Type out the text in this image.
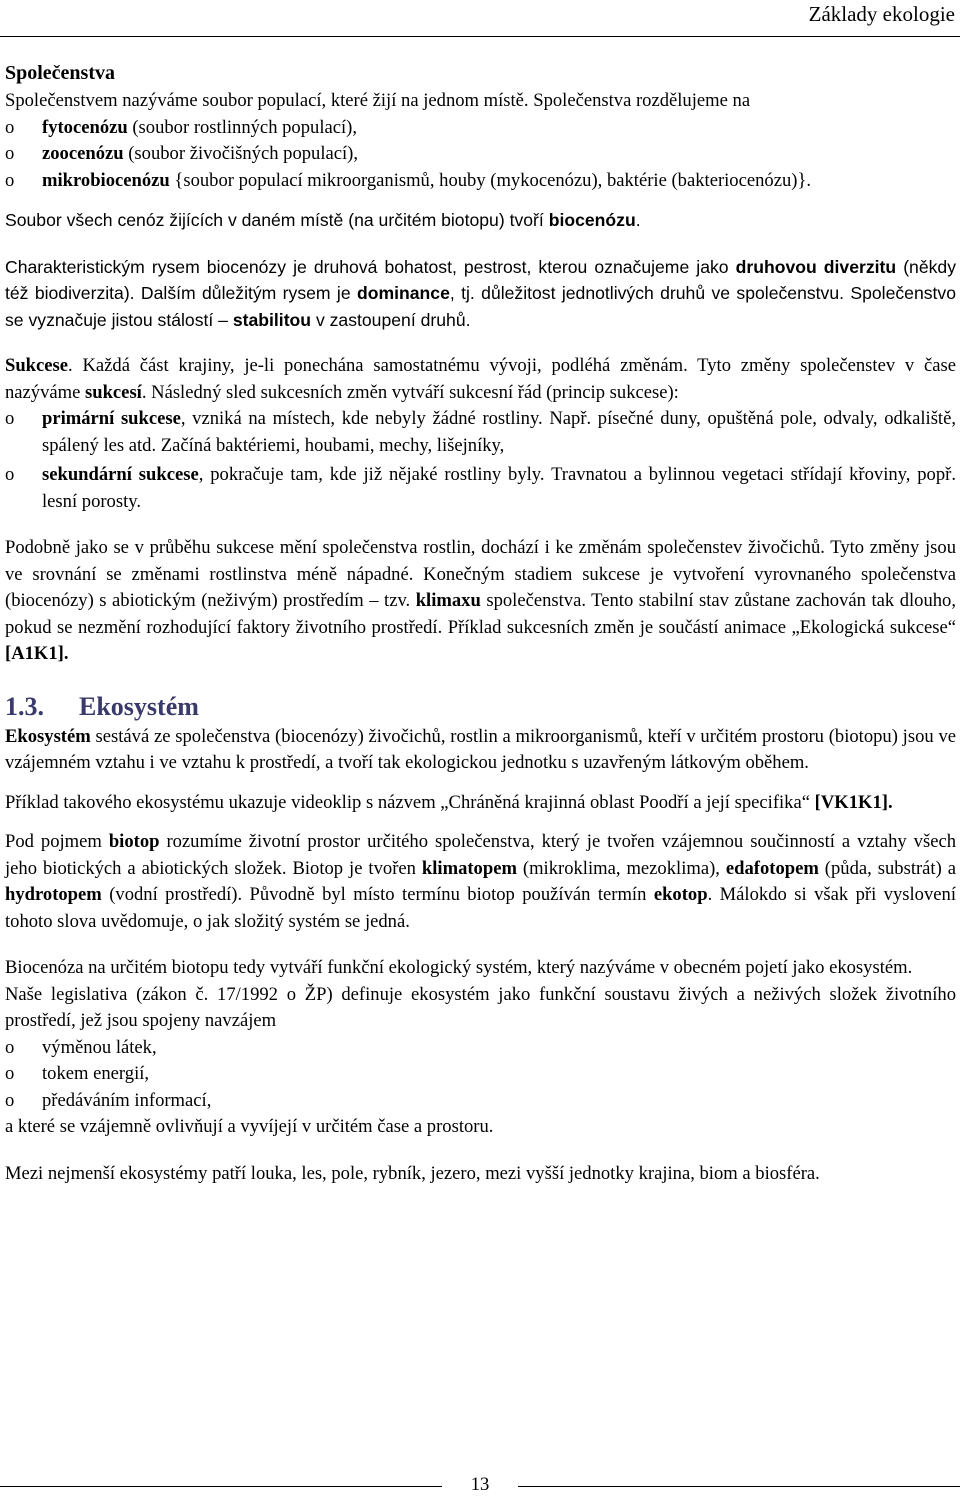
Základy ekologie
Společenstva

Společenstvem nazýváme soubor populací, které žijí na jednom místě. Společenstva rozdělujeme na

o fytocenózu (soubor rostlinných populací),
o zoocenózu (soubor živočišných populací),
o mikrobiocenózu {soubor populací mikroorganismů, houby (mykocenózu), baktérie (bakteriocenózu)}.

Soubor všech cenóz žijících v daném místě (na určitém biotopu) tvoří biocenózu.

Charakteristickým rysem biocenózy je druhová bohatost, pestrost, kterou označujeme jako druhovou diverzitu (někdy též biodiverzita). Dalším důležitým rysem je dominance, tj. důležitost jednotlivých druhů ve společenstvu. Společenstvo se vyznačuje jistou stálostí – stabilitou v zastoupení druhů.

Sukcese. Každá část krajiny, je-li ponechána samostatnému vývoji, podléhá změnám. Tyto změny společenstev v čase nazýváme sukcesí. Následný sled sukcesních změn vytváří sukcesní řád (princip sukcese):

o primární sukcese, vzniká na místech, kde nebyly žádné rostliny. Např. písečné duny, opuštěná pole, odvaly, odkaliště, spálený les atd. Začíná baktériemi, houbami, mechy, lišejníky,
o sekundární sukcese, pokračuje tam, kde již nějaké rostliny byly. Travnatou a bylinnou vegetaci střídají křoviny, popř. lesní porosty.

Podobně jako se v průběhu sukcese mění společenstva rostlin, dochází i ke změnám společenstev živočichů. Tyto změny jsou ve srovnání se změnami rostlinstva méně nápadné. Konečným stadiem sukcese je vytvoření vyrovnaného společenstva (biocenózy) s abiotickým (neživým) prostředím – tzv. klimaxu společenstva. Tento stabilní stav zůstane zachován tak dlouho, pokud se nezmění rozhodující faktory životního prostředí. Příklad sukcesních změn je součástí animace „Ekologická sukcese“ [A1K1].

1.3. Ekosystém

Ekosystém sestává ze společenstva (biocenózy) živočichů, rostlin a mikroorganismů, kteří v určitém prostoru (biotopu) jsou ve vzájemném vztahu i ve vztahu k prostředí, a tvoří tak ekologickou jednotku s uzavřeným látkovým oběhem.

Příklad takového ekosystému ukazuje videoklip s názvem „Chráněná krajinná oblast Poodří a její specifika“ [VK1K1].

Pod pojmem biotop rozumíme životní prostor určitého společenstva, který je tvořen vzájemnou součinností a vztahy všech jeho biotických a abiotických složek. Biotop je tvořen klimatopem (mikroklima, mezoklima), edafotopem (půda, substrát) a hydrotopem (vodní prostředí). Původně byl místo termínu biotop používán termín ekotop. Málokdo si však při vyslovení tohoto slova uvědomuje, o jak složitý systém se jedná.

Biocenóza na určitém biotopu tedy vytváří funkční ekologický systém, který nazýváme v obecném pojetí jako ekosystém.

Naše legislativa (zákon č. 17/1992 o ŽP) definuje ekosystém jako funkční soustavu živých a neživých složek životního prostředí, jež jsou spojeny navzájem

o výměnou látek,
o tokem energií,
o předáváním informací,

a které se vzájemně ovlivňují a vyvíjejí v určitém čase a prostoru.

Mezi nejmenší ekosystémy patří louka, les, pole, rybník, jezero, mezi vyšší jednotky krajina, biom a biosféra.

13
